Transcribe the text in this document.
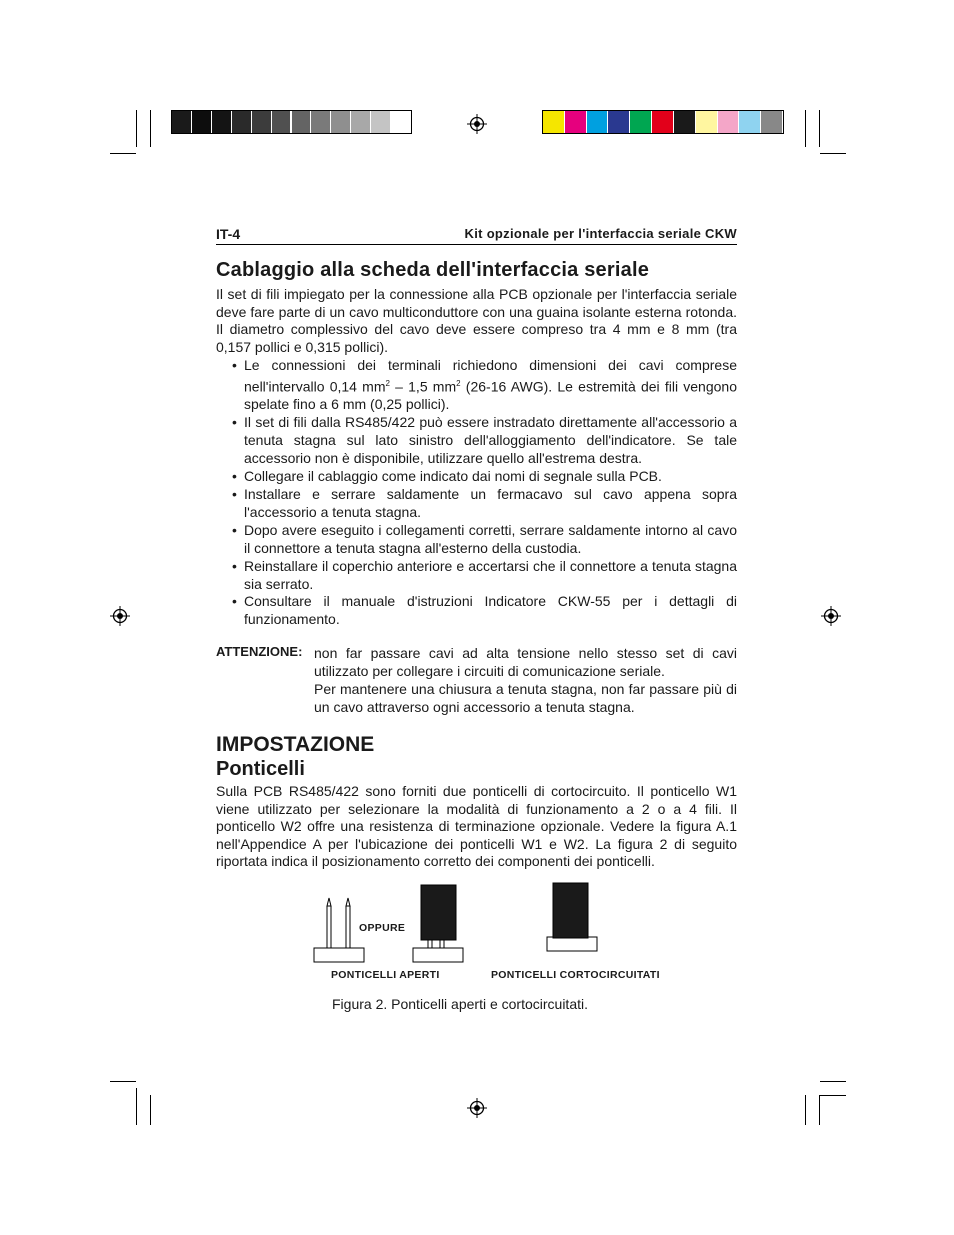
IT-4	Kit opzionale per l'interfaccia seriale CKW
Cablaggio alla scheda dell'interfaccia seriale
Il set di fili impiegato per la connessione alla PCB opzionale per l'interfaccia seriale deve fare parte di un cavo multiconduttore con una guaina isolante esterna rotonda. Il diametro complessivo del cavo deve essere compreso tra 4 mm e 8 mm (tra 0,157 pollici e 0,315 pollici).
• Le connessioni dei terminali richiedono dimensioni dei cavi comprese nell'intervallo 0,14 $mm^2 - 1,5$ $mm^2$ (26-16 AWG). Le estremità dei fili vengono spelate fino a 6 mm (0,25 pollici).
• Il set di fili dalla RS485/422 può essere instradato direttamente all'accessorio a tenuta stagna sul lato sinistro dell'alloggiamento dell'indicatore. Se tale accessorio non è disponibile, utilizzare quello all'estrema destra.
• Collegare il cablaggio come indicato dai nomi di segnale sulla PCB.
• Installare e serrare saldamente un fermacavo sul cavo appena sopra l'accessorio a tenuta stagna.
• Dopo avere eseguito i collegamenti corretti, serrare saldamente intorno al cavo il connettore a tenuta stagna all'esterno della custodia.
• Reinstallare il coperchio anteriore e accertarsi che il connettore a tenuta stagna sia serrato.
• Consultare il manuale d'istruzioni Indicatore CKW-55 per i dettagli di funzionamento.
ATTENZIONE: non far passare cavi ad alta tensione nello stesso set di cavi utilizzato per collegare i circuiti di comunicazione seriale.
Per mantenere una chiusura a tenuta stagna, non far passare più di un cavo attraverso ogni accessorio a tenuta stagna.
IMPOSTAZIONE
Ponticelli
Sulla PCB RS485/422 sono forniti due ponticelli di cortocircuito. Il ponticello W1 viene utilizzato per selezionare la modalità di funzionamento a 2 o a 4 fili. Il ponticello W2 offre una resistenza di terminazione opzionale. Vedere la figura A.1 nell'Appendice A per l'ubicazione dei ponticelli W1 e W2. La figura 2 di seguito riportata indica il posizionamento corretto dei componenti dei ponticelli.
OPPURE
PONTICELLI APERTI	PONTICELLI CORTOCIRCUITATI
Figura 2. Ponticelli aperti e cortocircuitati.
